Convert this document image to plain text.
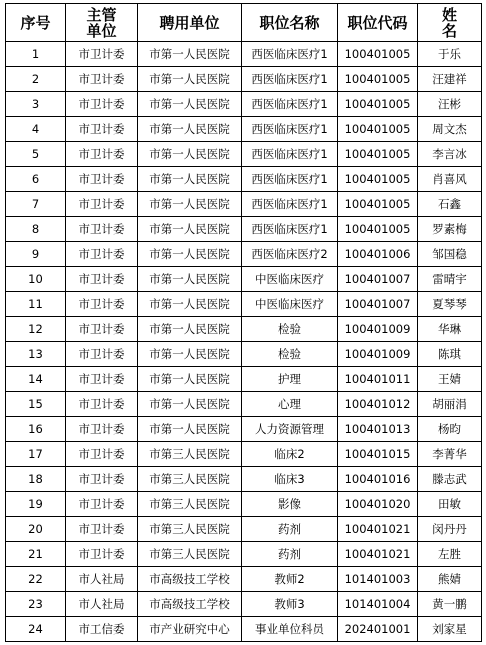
序号	主管单位	聘用单位	职位名称	职位代码	姓名
1	市卫计委	市第一人民医院	西医临床医疗1	100401005	于乐
2	市卫计委	市第一人民医院	西医临床医疗1	100401005	汪建祥
3	市卫计委	市第一人民医院	西医临床医疗1	100401005	汪彬
4	市卫计委	市第一人民医院	西医临床医疗1	100401005	周文杰
5	市卫计委	市第一人民医院	西医临床医疗1	100401005	李言冰
6	市卫计委	市第一人民医院	西医临床医疗1	100401005	肖喜风
7	市卫计委	市第一人民医院	西医临床医疗1	100401005	石鑫
8	市卫计委	市第一人民医院	西医临床医疗1	100401005	罗素梅
9	市卫计委	市第一人民医院	西医临床医疗2	100401006	邹国稳
10	市卫计委	市第一人民医院	中医临床医疗	100401007	雷晴宇
11	市卫计委	市第一人民医院	中医临床医疗	100401007	夏琴琴
12	市卫计委	市第一人民医院	检验	100401009	华琳
13	市卫计委	市第一人民医院	检验	100401009	陈琪
14	市卫计委	市第一人民医院	护理	100401011	王婧
15	市卫计委	市第一人民医院	心理	100401012	胡丽涓
16	市卫计委	市第一人民医院	人力资源管理	100401013	杨昀
17	市卫计委	市第三人民医院	临床2	100401015	李菁华
18	市卫计委	市第三人民医院	临床3	100401016	滕志武
19	市卫计委	市第三人民医院	影像	100401020	田敏
20	市卫计委	市第三人民医院	药剂	100401021	闵丹丹
21	市卫计委	市第三人民医院	药剂	100401021	左胜
22	市人社局	市高级技工学校	教师2	101401003	熊婧
23	市人社局	市高级技工学校	教师3	101401004	黄一鹏
24	市工信委	市产业研究中心	事业单位科员	202401001	刘家星
